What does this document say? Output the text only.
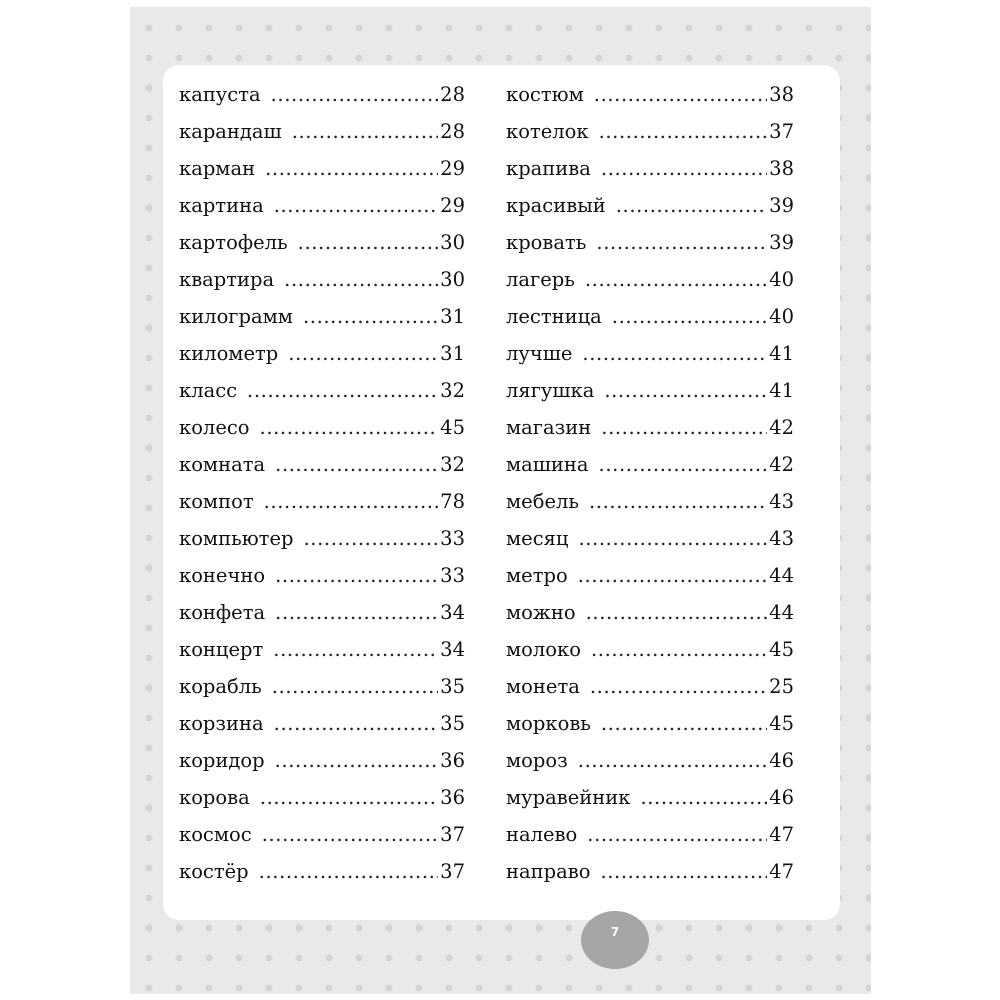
капуста .....	28
карандаш .....	28
карман .....	29
картина .....	29
картофель .....	30
квартира .....	30
килограмм .....	31
километр .....	31
класс .....	32
колесо .....	45
комната .....	32
компот .....	78
компьютер .....	33
конечно .....	33
конфета .....	34
концерт .....	34
корабль .....	35
корзина .....	35
коридор .....	36
корова .....	36
космос .....	37
костёр .....	37
костюм .....	38
котелок .....	37
крапива .....	38
красивый .....	39
кровать .....	39
лагерь .....	40
лестница .....	40
лучше .....	41
лягушка .....	41
магазин .....	42
машина .....	42
мебель .....	43
месяц .....	43
метро .....	44
можно .....	44
молоко .....	45
монета .....	25
морковь .....	45
мороз .....	46
муравейник .....	46
налево .....	47
направо .....	47
7
